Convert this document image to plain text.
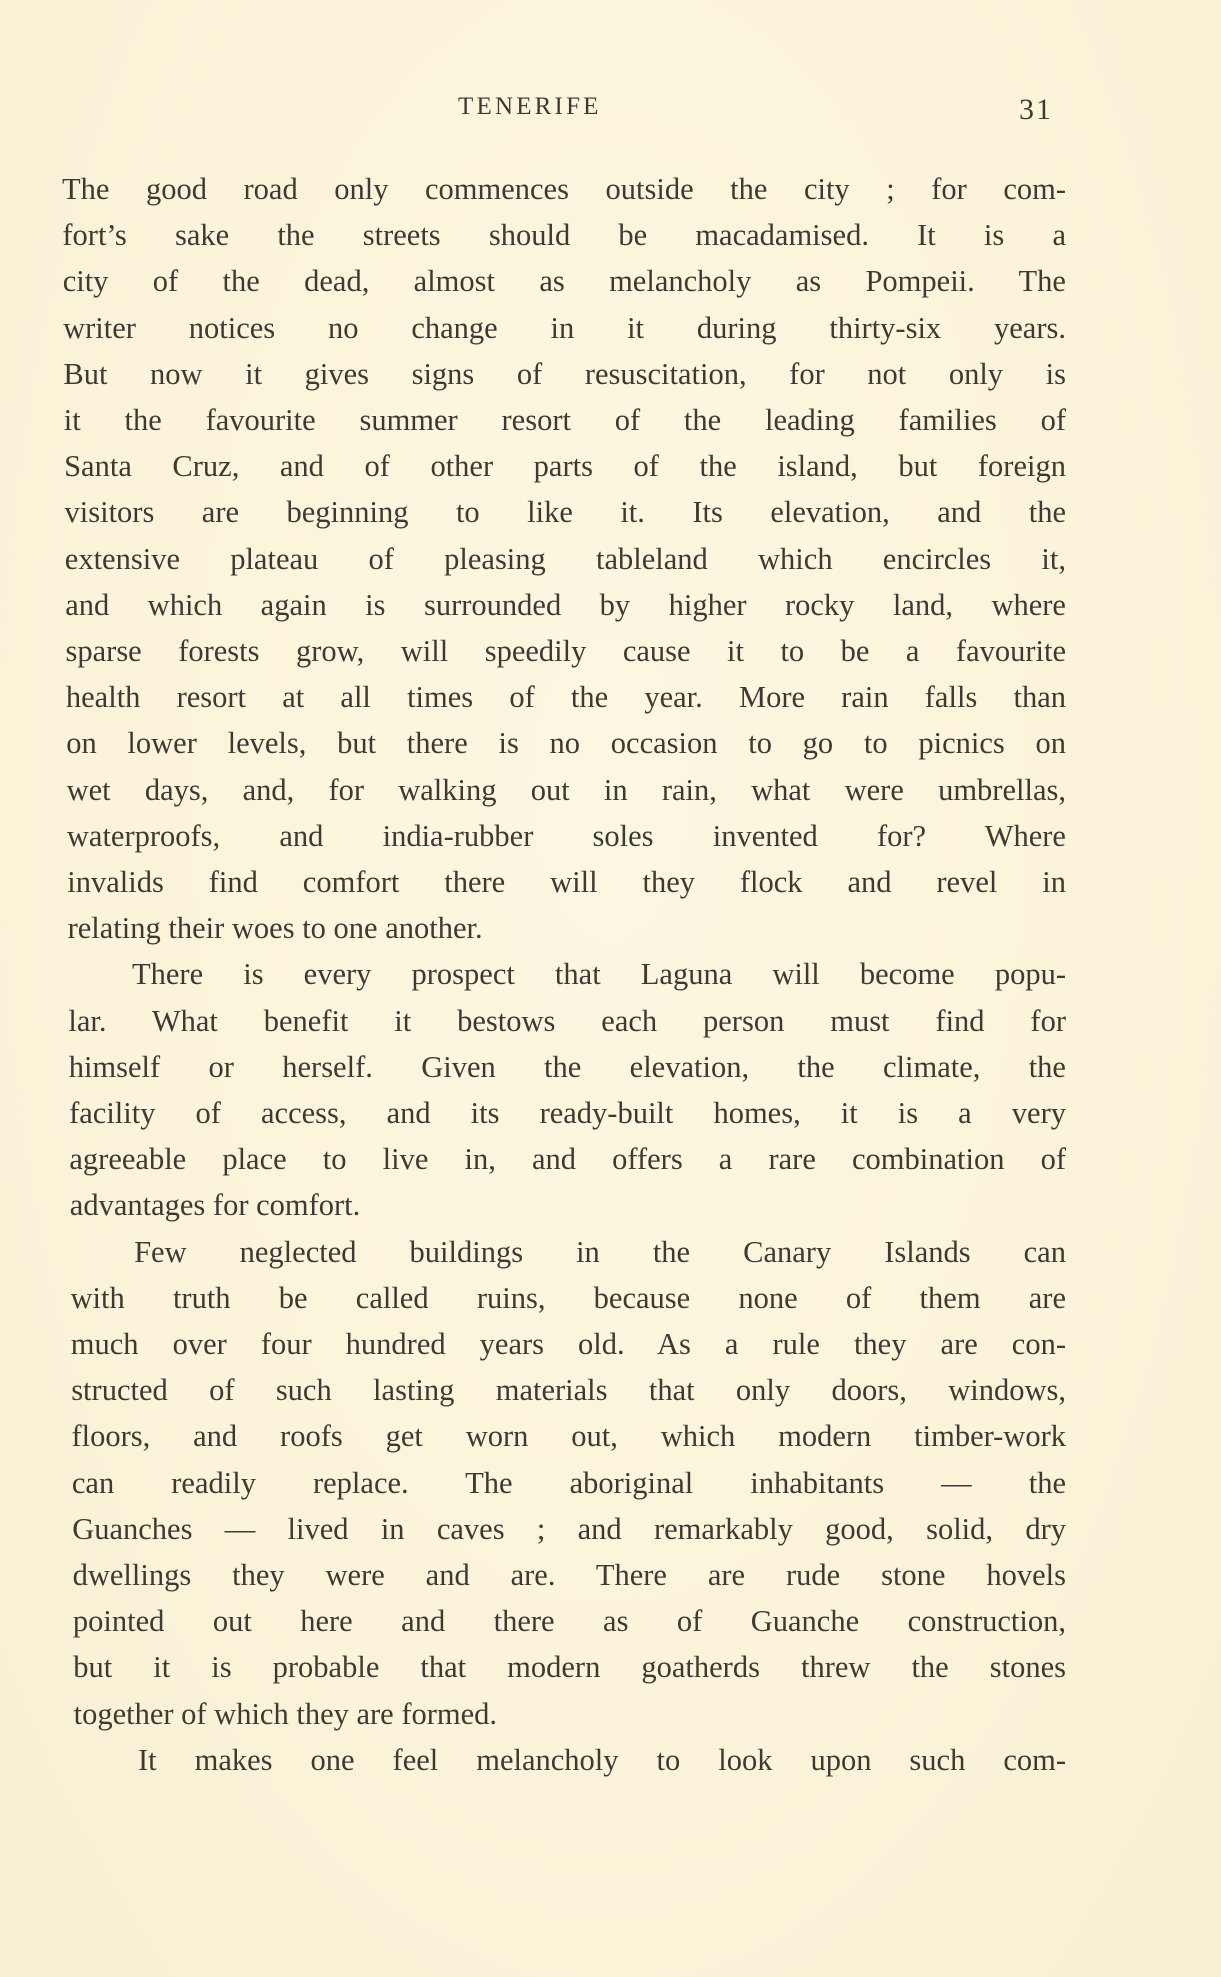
TENERIFE	31
The good road only commences outside the city ; for com-
fort’s sake the streets should be macadamised. It is a
city of the dead, almost as melancholy as Pompeii. The
writer notices no change in it during thirty-six years.
But now it gives signs of resuscitation, for not only is
it the favourite summer resort of the leading families of
Santa Cruz, and of other parts of the island, but foreign
visitors are beginning to like it. Its elevation, and the
extensive plateau of pleasing tableland which encircles it,
and which again is surrounded by higher rocky land, where
sparse forests grow, will speedily cause it to be a favourite
health resort at all times of the year. More rain falls than
on lower levels, but there is no occasion to go to picnics on
wet days, and, for walking out in rain, what were umbrellas,
waterproofs, and india-rubber soles invented for? Where
invalids find comfort there will they flock and revel in
relating their woes to one another.
There is every prospect that Laguna will become popu-
lar. What benefit it bestows each person must find for
himself or herself. Given the elevation, the climate, the
facility of access, and its ready-built homes, it is a very
agreeable place to live in, and offers a rare combination of
advantages for comfort.
Few neglected buildings in the Canary Islands can
with truth be called ruins, because none of them are
much over four hundred years old. As a rule they are con-
structed of such lasting materials that only doors, windows,
floors, and roofs get worn out, which modern timber-work
can readily replace. The aboriginal inhabitants — the
Guanches — lived in caves ; and remarkably good, solid, dry
dwellings they were and are. There are rude stone hovels
pointed out here and there as of Guanche construction,
but it is probable that modern goatherds threw the stones
together of which they are formed.
It makes one feel melancholy to look upon such com-
